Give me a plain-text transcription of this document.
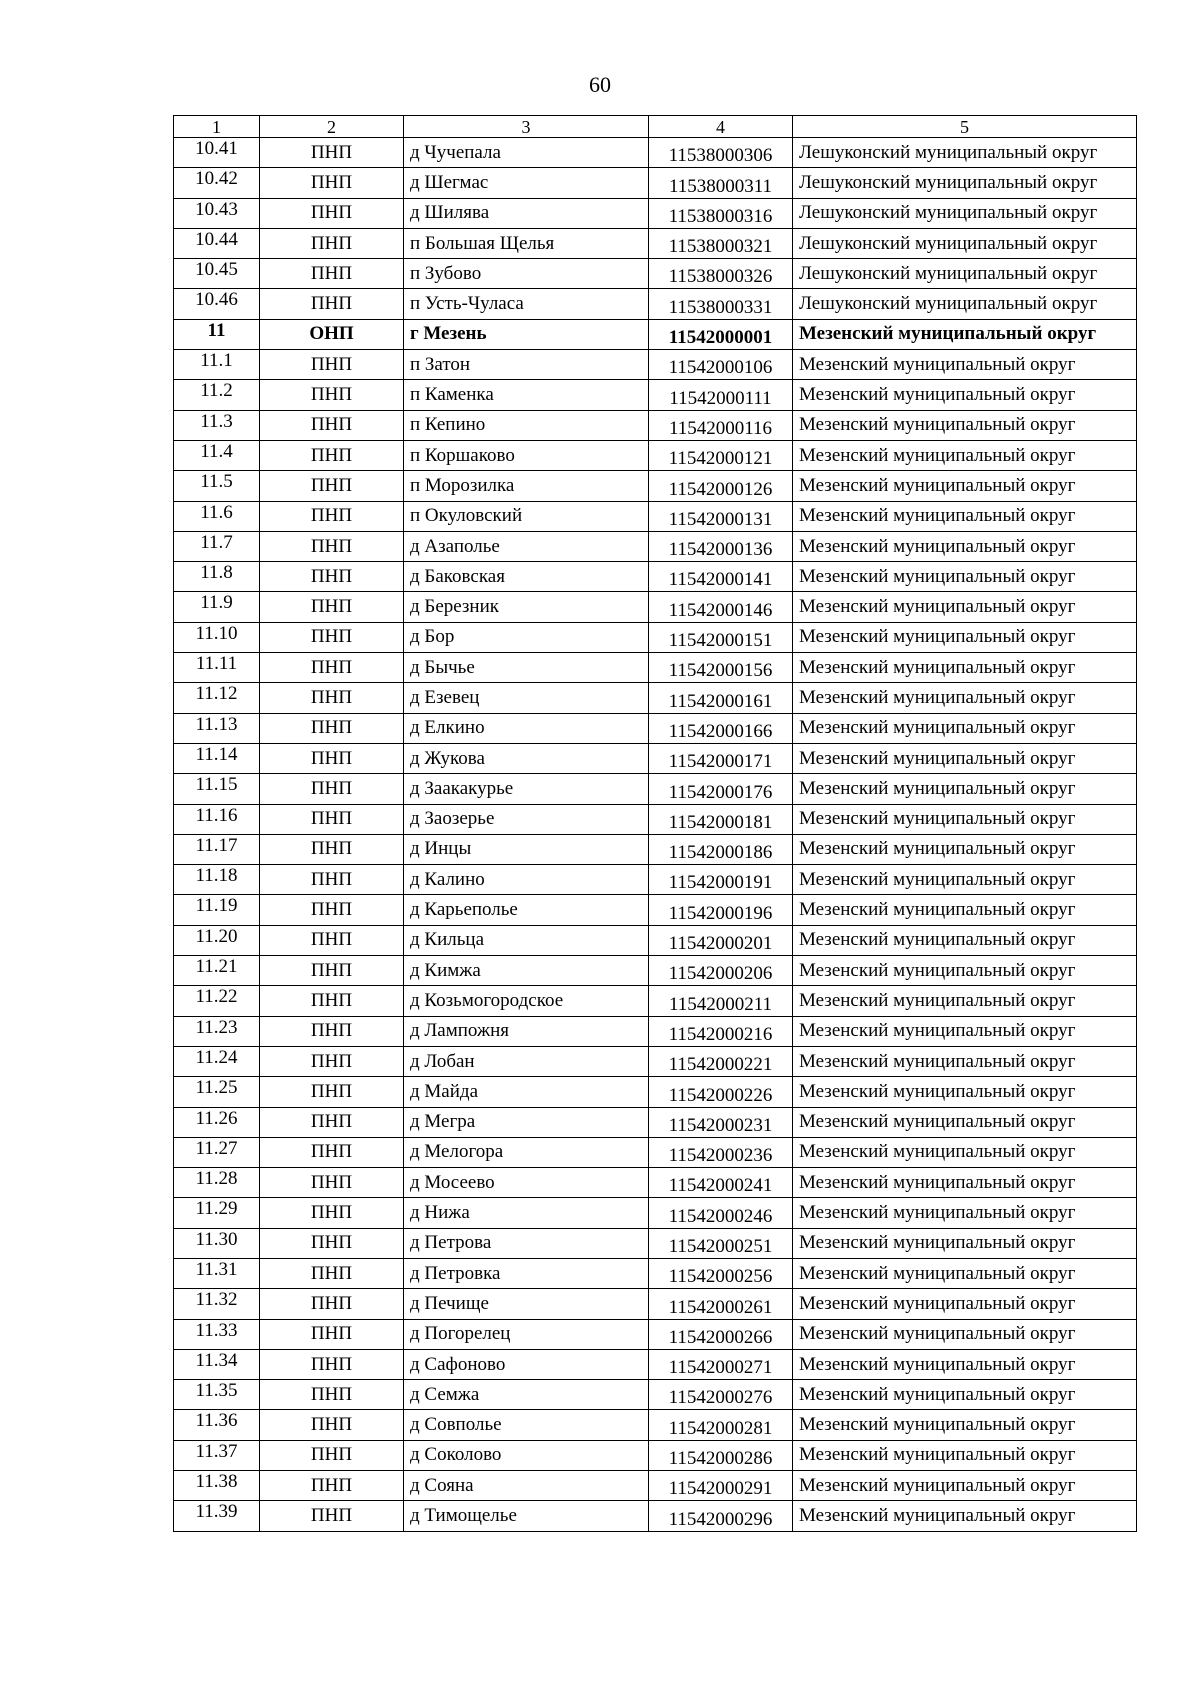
60
1	2	3	4	5
10.41	ПНП	д Чучепала	11538000306	Лешуконский муниципальный округ
10.42	ПНП	д Шегмас	11538000311	Лешуконский муниципальный округ
10.43	ПНП	д Шилява	11538000316	Лешуконский муниципальный округ
10.44	ПНП	п Большая Щелья	11538000321	Лешуконский муниципальный округ
10.45	ПНП	п Зубово	11538000326	Лешуконский муниципальный округ
10.46	ПНП	п Усть-Чуласа	11538000331	Лешуконский муниципальный округ
11	ОНП	г Мезень	11542000001	Мезенский муниципальный округ
11.1	ПНП	п Затон	11542000106	Мезенский муниципальный округ
11.2	ПНП	п Каменка	11542000111	Мезенский муниципальный округ
11.3	ПНП	п Кепино	11542000116	Мезенский муниципальный округ
11.4	ПНП	п Коршаково	11542000121	Мезенский муниципальный округ
11.5	ПНП	п Морозилка	11542000126	Мезенский муниципальный округ
11.6	ПНП	п Окуловский	11542000131	Мезенский муниципальный округ
11.7	ПНП	д Азаполье	11542000136	Мезенский муниципальный округ
11.8	ПНП	д Баковская	11542000141	Мезенский муниципальный округ
11.9	ПНП	д Березник	11542000146	Мезенский муниципальный округ
11.10	ПНП	д Бор	11542000151	Мезенский муниципальный округ
11.11	ПНП	д Бычье	11542000156	Мезенский муниципальный округ
11.12	ПНП	д Езевец	11542000161	Мезенский муниципальный округ
11.13	ПНП	д Елкино	11542000166	Мезенский муниципальный округ
11.14	ПНП	д Жукова	11542000171	Мезенский муниципальный округ
11.15	ПНП	д Заакакурье	11542000176	Мезенский муниципальный округ
11.16	ПНП	д Заозерье	11542000181	Мезенский муниципальный округ
11.17	ПНП	д Инцы	11542000186	Мезенский муниципальный округ
11.18	ПНП	д Калино	11542000191	Мезенский муниципальный округ
11.19	ПНП	д Карьеполье	11542000196	Мезенский муниципальный округ
11.20	ПНП	д Кильца	11542000201	Мезенский муниципальный округ
11.21	ПНП	д Кимжа	11542000206	Мезенский муниципальный округ
11.22	ПНП	д Козьмогородское	11542000211	Мезенский муниципальный округ
11.23	ПНП	д Лампожня	11542000216	Мезенский муниципальный округ
11.24	ПНП	д Лобан	11542000221	Мезенский муниципальный округ
11.25	ПНП	д Майда	11542000226	Мезенский муниципальный округ
11.26	ПНП	д Мегра	11542000231	Мезенский муниципальный округ
11.27	ПНП	д Мелогора	11542000236	Мезенский муниципальный округ
11.28	ПНП	д Мосеево	11542000241	Мезенский муниципальный округ
11.29	ПНП	д Нижа	11542000246	Мезенский муниципальный округ
11.30	ПНП	д Петрова	11542000251	Мезенский муниципальный округ
11.31	ПНП	д Петровка	11542000256	Мезенский муниципальный округ
11.32	ПНП	д Печище	11542000261	Мезенский муниципальный округ
11.33	ПНП	д Погорелец	11542000266	Мезенский муниципальный округ
11.34	ПНП	д Сафоново	11542000271	Мезенский муниципальный округ
11.35	ПНП	д Семжа	11542000276	Мезенский муниципальный округ
11.36	ПНП	д Совполье	11542000281	Мезенский муниципальный округ
11.37	ПНП	д Соколово	11542000286	Мезенский муниципальный округ
11.38	ПНП	д Сояна	11542000291	Мезенский муниципальный округ
11.39	ПНП	д Тимощелье	11542000296	Мезенский муниципальный округ
